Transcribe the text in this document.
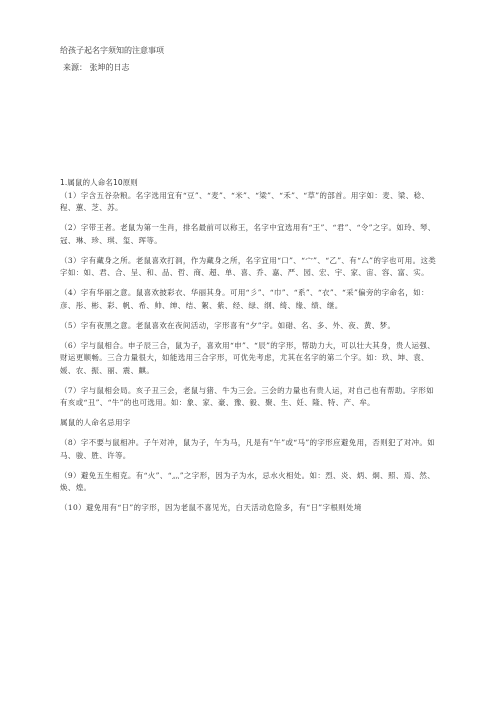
给孩子起名字须知的注意事项
来源： 张坤的日志

1.属鼠的人命名10原则

（1）字含五谷杂粮。名字选用宜有“豆”、“麦”、“米”、“梁”、“禾”、“草”的部首。用字如：麦、梁、稔、程、蕙、芝、苏。

（2）字带王者。老鼠为第一生肖，排名最前可以称王，名字中宜选用有“王”、“君”、“令”之字。如玲、琴、冠、琳、珍、琪、玺、珲等。

（3）字有藏身之所。老鼠喜欢打洞，作为藏身之所，名字宜用“口”、“宀”、“乙”、有“厶”的字也可用。这类字如：如、君、合、呈、和、品、哲、商、超、单、喜、乔、嘉、严、园、宏、宇、家、宙、容、富、实。

（4）字有华丽之意。鼠喜欢披彩衣、华丽其身。可用“彡”、“巾”、“系”、“衣”、“采”偏旁的字命名，如：彦、彤、彬、彩、帆、希、帅、绅、结、絮、紫、经、绿、纲、绮、缘、绩、继。

（5）字有夜黑之意。老鼠喜欢在夜间活动，字形喜有“夕”字。如碏、名、多、外、夜、黄、梦。

（6）字与鼠相合。申子辰三合，鼠为子，喜欢用“申”、“辰”的字形，帮助力大，可以壮大其身，贵人运强、财运更顺畅。三合力量很大，如能选用三合字形，可优先考虑，尤其在名字的第二个字。如：玖、坤、袁、媛、农、振、丽、震、麒。

（7）字与鼠相会局。亥子丑三会，老鼠与猪、牛为三会。三会的力量也有贵人运，对自己也有帮助。字形如有亥或“丑”、“牛”的也可选用。如：象、家、豪、豫、毅、聚、生、妊、隆、特、产、牟。

属鼠的人命名忌用字

（8）字不要与鼠相冲。子午对冲，鼠为子，午为马，凡是有“午”或“马”的字形应避免用，否则犯了对冲。如马、骏、胜、许等。

（9）避免五生相克。有“火”、“灬”之字形，因为子为水，忌水火相处。如：烈、炎、炳、炯、照、焉、然、焕、煌。

（10）避免用有“日”的字形，因为老鼠不喜见光，白天活动危险多，有“日”字根则处境
